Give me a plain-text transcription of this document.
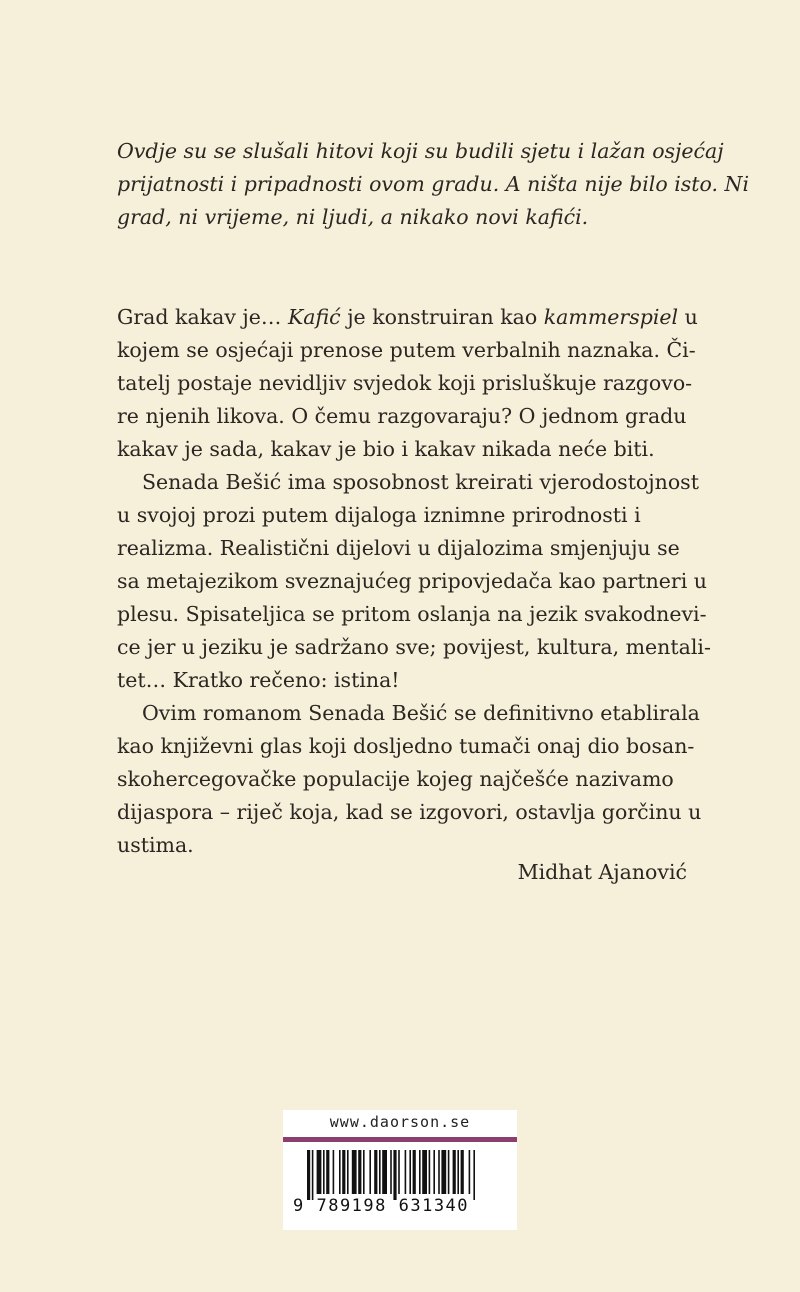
Ovdje su se slušali hitovi koji su budili sjetu i lažan osjećaj
prijatnosti i pripadnosti ovom gradu. A ništa nije bilo isto. Ni
grad, ni vrijeme, ni ljudi, a nikako novi kafići.
Grad kakav je… Kafić je konstruiran kao kammerspiel u
kojem se osjećaji prenose putem verbalnih naznaka. Či-
tatelj postaje nevidljiv svjedok koji prisluškuje razgovo-
re njenih likova. O čemu razgovaraju? O jednom gradu
kakav je sada, kakav je bio i kakav nikada neće biti.
Senada Bešić ima sposobnost kreirati vjerodostojnost
u svojoj prozi putem dijaloga iznimne prirodnosti i
realizma. Realistični dijelovi u dijalozima smjenjuju se
sa metajezikom sveznajućeg pripovjedača kao partneri u
plesu. Spisateljica se pritom oslanja na jezik svakodnevi-
ce jer u jeziku je sadržano sve; povijest, kultura, mentali-
tet… Kratko rečeno: istina!
Ovim romanom Senada Bešić se definitivno etablirala
kao književni glas koji dosljedno tumači onaj dio bosan-
skohercegovačke populacije kojeg najčešće nazivamo
dijaspora – riječ koja, kad se izgovori, ostavlja gorčinu u
ustima.
Midhat Ajanović
www.daorson.se
9 789198 631340
